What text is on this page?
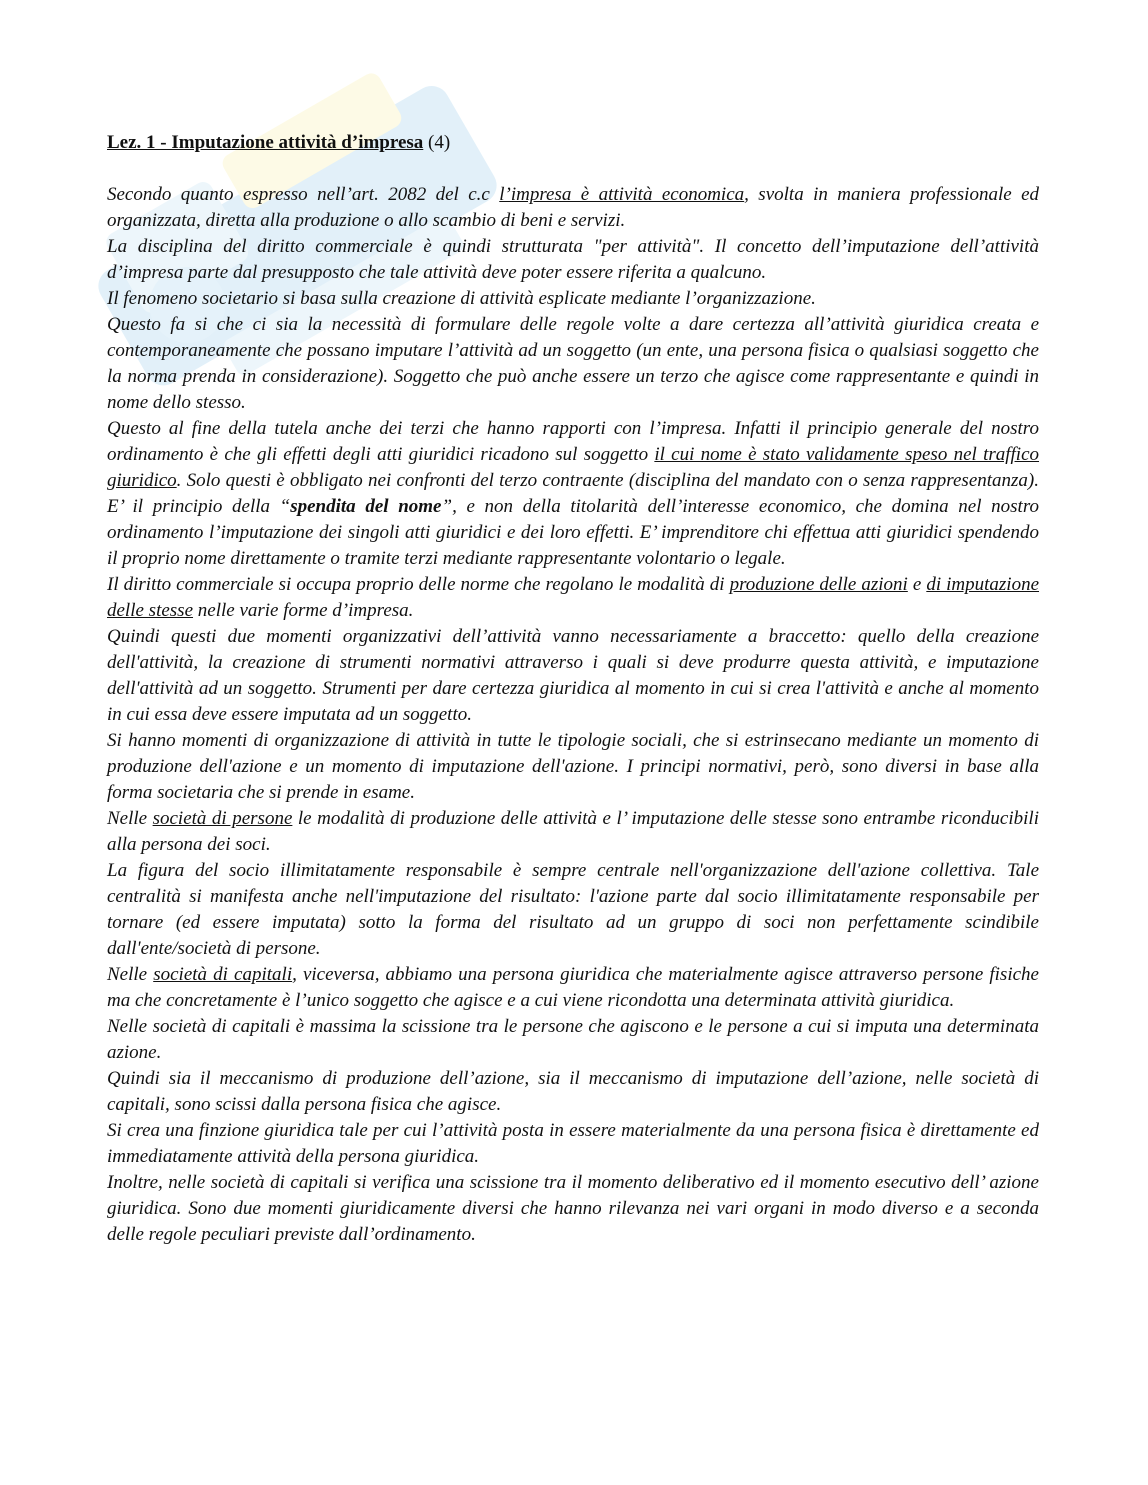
Lez. 1 - Imputazione attività d’impresa (4)

Secondo quanto espresso nell’art. 2082 del c.c l’impresa è attività economica, svolta in maniera professionale ed organizzata, diretta alla produzione o allo scambio di beni e servizi.

La disciplina del diritto commerciale è quindi strutturata "per attività". Il concetto dell’imputazione dell’attività d’impresa parte dal presupposto che tale attività deve poter essere riferita a qualcuno.

Il fenomeno societario si basa sulla creazione di attività esplicate mediante l’organizzazione.

Questo fa si che ci sia la necessità di formulare delle regole volte a dare certezza all’attività giuridica creata e contemporaneamente che possano imputare l’attività ad un soggetto (un ente, una persona fisica o qualsiasi soggetto che la norma prenda in considerazione). Soggetto che può anche essere un terzo che agisce come rappresentante e quindi in nome dello stesso.

Questo al fine della tutela anche dei terzi che hanno rapporti con l’impresa. Infatti il principio generale del nostro ordinamento è che gli effetti degli atti giuridici ricadono sul soggetto il cui nome è stato validamente speso nel traffico giuridico. Solo questi è obbligato nei confronti del terzo contraente (disciplina del mandato con o senza rappresentanza). E’ il principio della “spendita del nome”, e non della titolarità dell’interesse economico, che domina nel nostro ordinamento l’imputazione dei singoli atti giuridici e dei loro effetti. E’ imprenditore chi effettua atti giuridici spendendo il proprio nome direttamente o tramite terzi mediante rappresentante volontario o legale.

Il diritto commerciale si occupa proprio delle norme che regolano le modalità di produzione delle azioni e di imputazione delle stesse nelle varie forme d’impresa.

Quindi questi due momenti organizzativi dell’attività vanno necessariamente a braccetto: quello della creazione dell'attività, la creazione di strumenti normativi attraverso i quali si deve produrre questa attività, e imputazione dell'attività ad un soggetto. Strumenti per dare certezza giuridica al momento in cui si crea l'attività e anche al momento in cui essa deve essere imputata ad un soggetto.

Si hanno momenti di organizzazione di attività in tutte le tipologie sociali, che si estrinsecano mediante un momento di produzione dell'azione e un momento di imputazione dell'azione. I principi normativi, però, sono diversi in base alla forma societaria che si prende in esame.

Nelle società di persone le modalità di produzione delle attività e l’ imputazione delle stesse sono entrambe riconducibili alla persona dei soci.

La figura del socio illimitatamente responsabile è sempre centrale nell'organizzazione dell'azione collettiva. Tale centralità si manifesta anche nell'imputazione del risultato: l'azione parte dal socio illimitatamente responsabile per tornare (ed essere imputata) sotto la forma del risultato ad un gruppo di soci non perfettamente scindibile dall'ente/società di persone.

Nelle società di capitali, viceversa, abbiamo una persona giuridica che materialmente agisce attraverso persone fisiche ma che concretamente è l’unico soggetto che agisce e a cui viene ricondotta una determinata attività giuridica.

Nelle società di capitali è massima la scissione tra le persone che agiscono e le persone a cui si imputa una determinata azione.

Quindi sia il meccanismo di produzione dell’azione, sia il meccanismo di imputazione dell’azione, nelle società di capitali, sono scissi dalla persona fisica che agisce.

Si crea una finzione giuridica tale per cui l’attività posta in essere materialmente da una persona fisica è direttamente ed immediatamente attività della persona giuridica.

Inoltre, nelle società di capitali si verifica una scissione tra il momento deliberativo ed il momento esecutivo dell’ azione giuridica. Sono due momenti giuridicamente diversi che hanno rilevanza nei vari organi in modo diverso e a seconda delle regole peculiari previste dall’ordinamento.
